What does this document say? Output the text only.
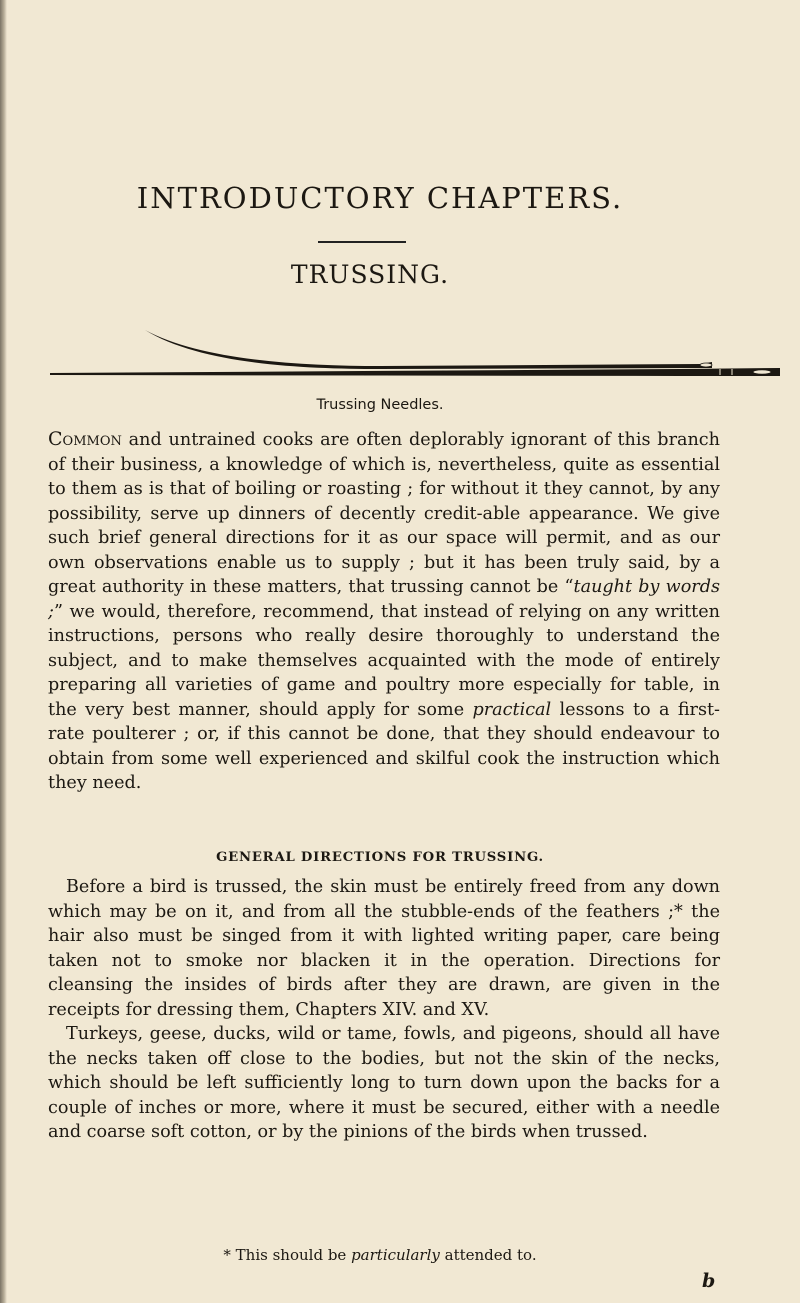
INTRODUCTORY CHAPTERS.
TRUSSING.
Trussing Needles.

Common and untrained cooks are often deplorably ignorant of this branch of their business, a knowledge of which is, nevertheless, quite as essential to them as is that of boiling or roasting ; for without it they cannot, by any possibility, serve up dinners of decently credit-able appearance. We give such brief general directions for it as our space will permit, and as our own observations enable us to supply ; but it has been truly said, by a great authority in these matters, that trussing cannot be “taught by words ;” we would, therefore, recommend, that instead of relying on any written instructions, persons who really desire thoroughly to understand the subject, and to make themselves acquainted with the mode of entirely preparing all varieties of game and poultry more especially for table, in the very best manner, should apply for some practical lessons to a first-rate poulterer ; or, if this cannot be done, that they should endeavour to obtain from some well experienced and skilful cook the instruction which they need.

GENERAL DIRECTIONS FOR TRUSSING.

Before a bird is trussed, the skin must be entirely freed from any down which may be on it, and from all the stubble-ends of the feathers ;* the hair also must be singed from it with lighted writing paper, care being taken not to smoke nor blacken it in the operation. Directions for cleansing the insides of birds after they are drawn, are given in the receipts for dressing them, Chapters XIV. and XV.

Turkeys, geese, ducks, wild or tame, fowls, and pigeons, should all have the necks taken off close to the bodies, but not the skin of the necks, which should be left sufficiently long to turn down upon the backs for a couple of inches or more, where it must be secured, either with a needle and coarse soft cotton, or by the pinions of the birds when trussed.

* This should be particularly attended to.
b
